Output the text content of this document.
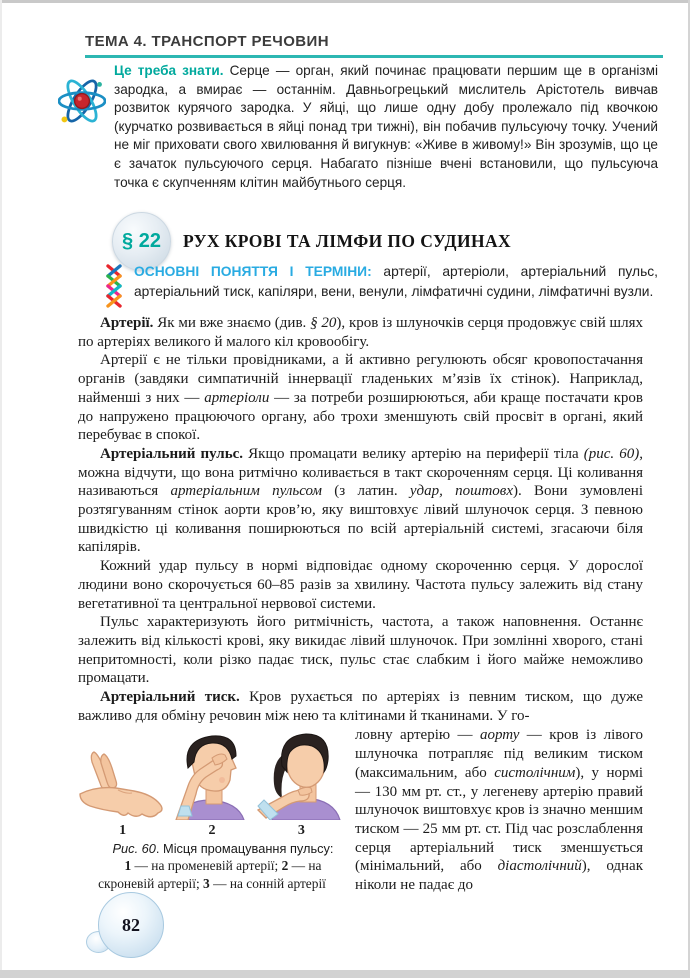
ТЕМА 4. ТРАНСПОРТ РЕЧОВИН
Це треба знати. Серце — орган, який починає працювати першим ще в організмі зародка, а вмирає — останнім. Давньогрецький мислитель Арістотель вивчав розвиток курячого зародка. У яйці, що лише одну добу пролежало під квочкою (курчатко розвивається в яйці понад три тижні), він побачив пульсуючу точку. Учений не міг приховати свого хвилювання й вигукнув: «Живе в живому!» Він зрозумів, що це є зачаток пульсуючого серця. Набагато пізніше вчені встановили, що пульсуюча точка є скупченням клітин майбутнього серця.
§ 22 РУХ КРОВІ ТА ЛІМФИ ПО СУДИНАХ
ОСНОВНІ ПОНЯТТЯ І ТЕРМІНИ: артерії, артеріоли, артеріальний пульс, артеріальний тиск, капіляри, вени, венули, лімфатичні судини, лімфатичні вузли.

Артерії. Як ми вже знаємо (див. § 20), кров із шлуночків серця продовжує свій шлях по артеріях великого й малого кіл кровообігу.

Артерії є не тільки провідниками, а й активно регулюють обсяг кровопостачання органів (завдяки симпатичній іннервації гладеньких м’язів їх стінок). Наприклад, найменші з них — артеріоли — за потреби розширюються, аби краще постачати кров до напружено працюючого органу, або трохи зменшують свій просвіт в органі, який перебуває в спокої.

Артеріальний пульс. Якщо промацати велику артерію на периферії тіла (рис. 60), можна відчути, що вона ритмічно коливається в такт скороченням серця. Ці коливання називаються артеріальним пульсом (з латин. удар, поштовх). Вони зумовлені розтягуванням стінок аорти кров’ю, яку виштовхує лівий шлуночок серця. З певною швидкістю ці коливання поширюються по всій артеріальній системі, згасаючи біля капілярів.

Кожний удар пульсу в нормі відповідає одному скороченню серця. У дорослої людини воно скорочується 60–85 разів за хвилину. Частота пульсу залежить від стану вегетативної та центральної нервової системи.

Пульс характеризують його ритмічність, частота, а також наповнення. Останнє залежить від кількості крові, яку викидає лівий шлуночок. При зомлінні хворого, стані непритомності, коли різко падає тиск, пульс стає слабким і його майже неможливо промацати.

Артеріальний тиск. Кров рухається по артеріях із певним тиском, що дуже важливо для обміну речовин між нею та клітинами й тканинами. У го-

1	2	3

Рис. 60. Місця промацування пульсу:

1 — на променевій артерії; 2 — на скроневій артерії; 3 — на сонній артерії

ловну артерію — аорту — кров із лівого шлуночка потрапляє під великим тиском (максимальним, або систолічним), у нормі — 130 мм рт. ст., у легеневу артерію правий шлуночок виштовхує кров із значно меншим тиском — 25 мм рт. ст. Під час розслаблення серця артеріальний тиск зменшується (мінімальний, або діастолічний), однак ніколи не падає до
82
